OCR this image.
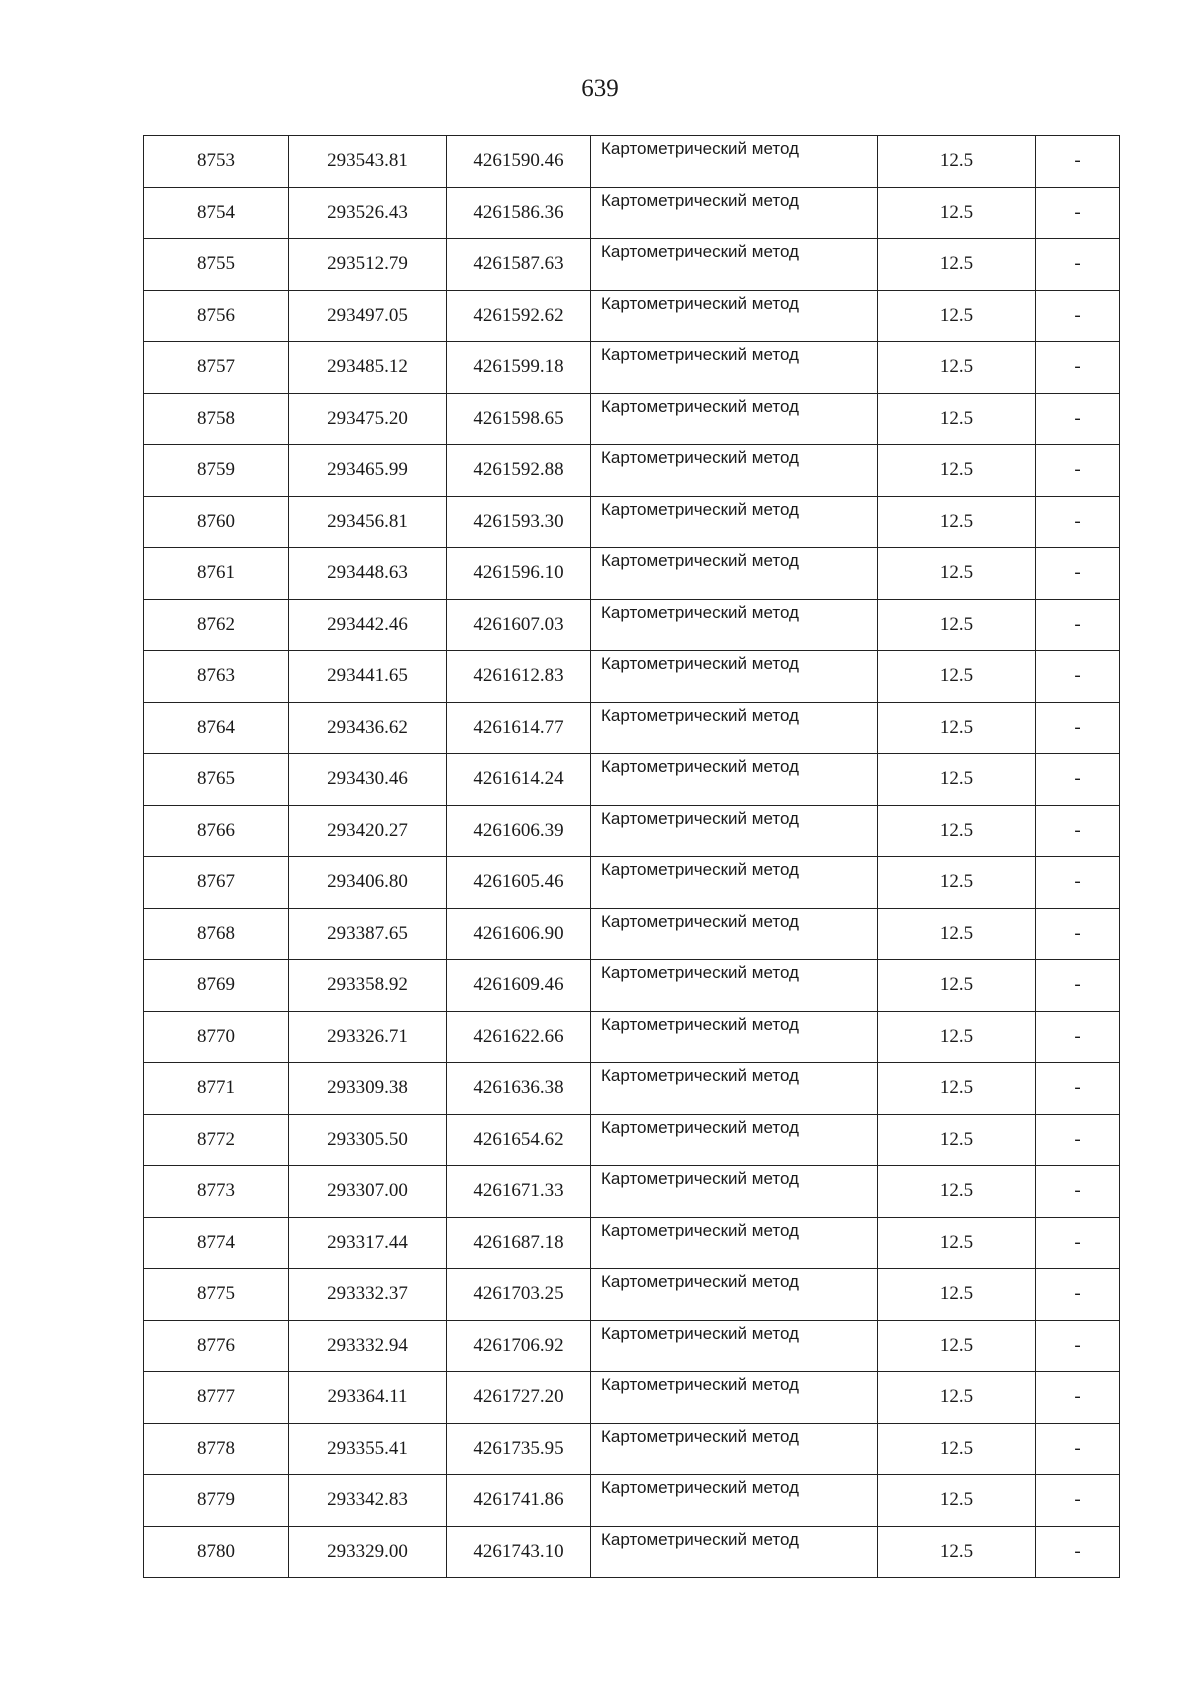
639
8753	293543.81	4261590.46	Картометрический метод	12.5	-
8754	293526.43	4261586.36	Картометрический метод	12.5	-
8755	293512.79	4261587.63	Картометрический метод	12.5	-
8756	293497.05	4261592.62	Картометрический метод	12.5	-
8757	293485.12	4261599.18	Картометрический метод	12.5	-
8758	293475.20	4261598.65	Картометрический метод	12.5	-
8759	293465.99	4261592.88	Картометрический метод	12.5	-
8760	293456.81	4261593.30	Картометрический метод	12.5	-
8761	293448.63	4261596.10	Картометрический метод	12.5	-
8762	293442.46	4261607.03	Картометрический метод	12.5	-
8763	293441.65	4261612.83	Картометрический метод	12.5	-
8764	293436.62	4261614.77	Картометрический метод	12.5	-
8765	293430.46	4261614.24	Картометрический метод	12.5	-
8766	293420.27	4261606.39	Картометрический метод	12.5	-
8767	293406.80	4261605.46	Картометрический метод	12.5	-
8768	293387.65	4261606.90	Картометрический метод	12.5	-
8769	293358.92	4261609.46	Картометрический метод	12.5	-
8770	293326.71	4261622.66	Картометрический метод	12.5	-
8771	293309.38	4261636.38	Картометрический метод	12.5	-
8772	293305.50	4261654.62	Картометрический метод	12.5	-
8773	293307.00	4261671.33	Картометрический метод	12.5	-
8774	293317.44	4261687.18	Картометрический метод	12.5	-
8775	293332.37	4261703.25	Картометрический метод	12.5	-
8776	293332.94	4261706.92	Картометрический метод	12.5	-
8777	293364.11	4261727.20	Картометрический метод	12.5	-
8778	293355.41	4261735.95	Картометрический метод	12.5	-
8779	293342.83	4261741.86	Картометрический метод	12.5	-
8780	293329.00	4261743.10	Картометрический метод	12.5	-
